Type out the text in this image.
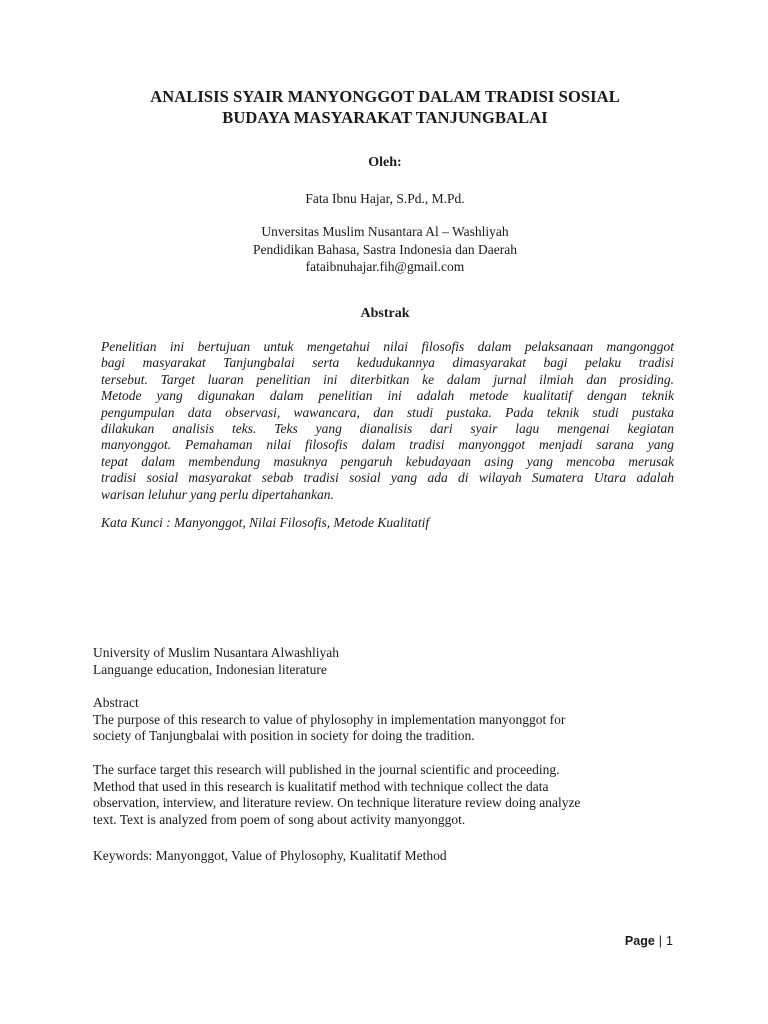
ANALISIS SYAIR MANYONGGOT DALAM TRADISI SOSIAL
BUDAYA MASYARAKAT TANJUNGBALAI
Oleh:
Fata Ibnu Hajar, S.Pd., M.Pd.
Unversitas Muslim Nusantara Al – Washliyah
Pendidikan Bahasa, Sastra Indonesia dan Daerah
fataibnuhajar.fih@gmail.com
Abstrak
Penelitian ini bertujuan untuk mengetahui nilai filosofis dalam pelaksanaan mangonggot
bagi masyarakat Tanjungbalai serta kedudukannya dimasyarakat bagi pelaku tradisi
tersebut. Target luaran penelitian ini diterbitkan ke dalam jurnal ilmiah dan prosiding.
Metode yang digunakan dalam penelitian ini adalah metode kualitatif dengan teknik
pengumpulan data observasi, wawancara, dan studi pustaka. Pada teknik studi pustaka
dilakukan analisis teks. Teks yang dianalisis dari syair lagu mengenai kegiatan
manyonggot. Pemahaman nilai filosofis dalam tradisi manyonggot menjadi sarana yang
tepat dalam membendung masuknya pengaruh kebudayaan asing yang mencoba merusak
tradisi sosial masyarakat sebab tradisi sosial yang ada di wilayah Sumatera Utara adalah
warisan leluhur yang perlu dipertahankan.
Kata Kunci : Manyonggot, Nilai Filosofis, Metode Kualitatif
University of Muslim Nusantara Alwashliyah
Languange education, Indonesian literature
Abstract
The purpose of this research to value of phylosophy in implementation manyonggot for
society of Tanjungbalai with position in society for doing the tradition.
The surface target this research will published in the journal scientific and proceeding.
Method that used in this research is kualitatif method with technique collect the data
observation, interview, and literature review. On technique literature review doing analyze
text. Text is analyzed from poem of song about activity manyonggot.
Keywords: Manyonggot, Value of Phylosophy, Kualitatif Method
Page | 1
